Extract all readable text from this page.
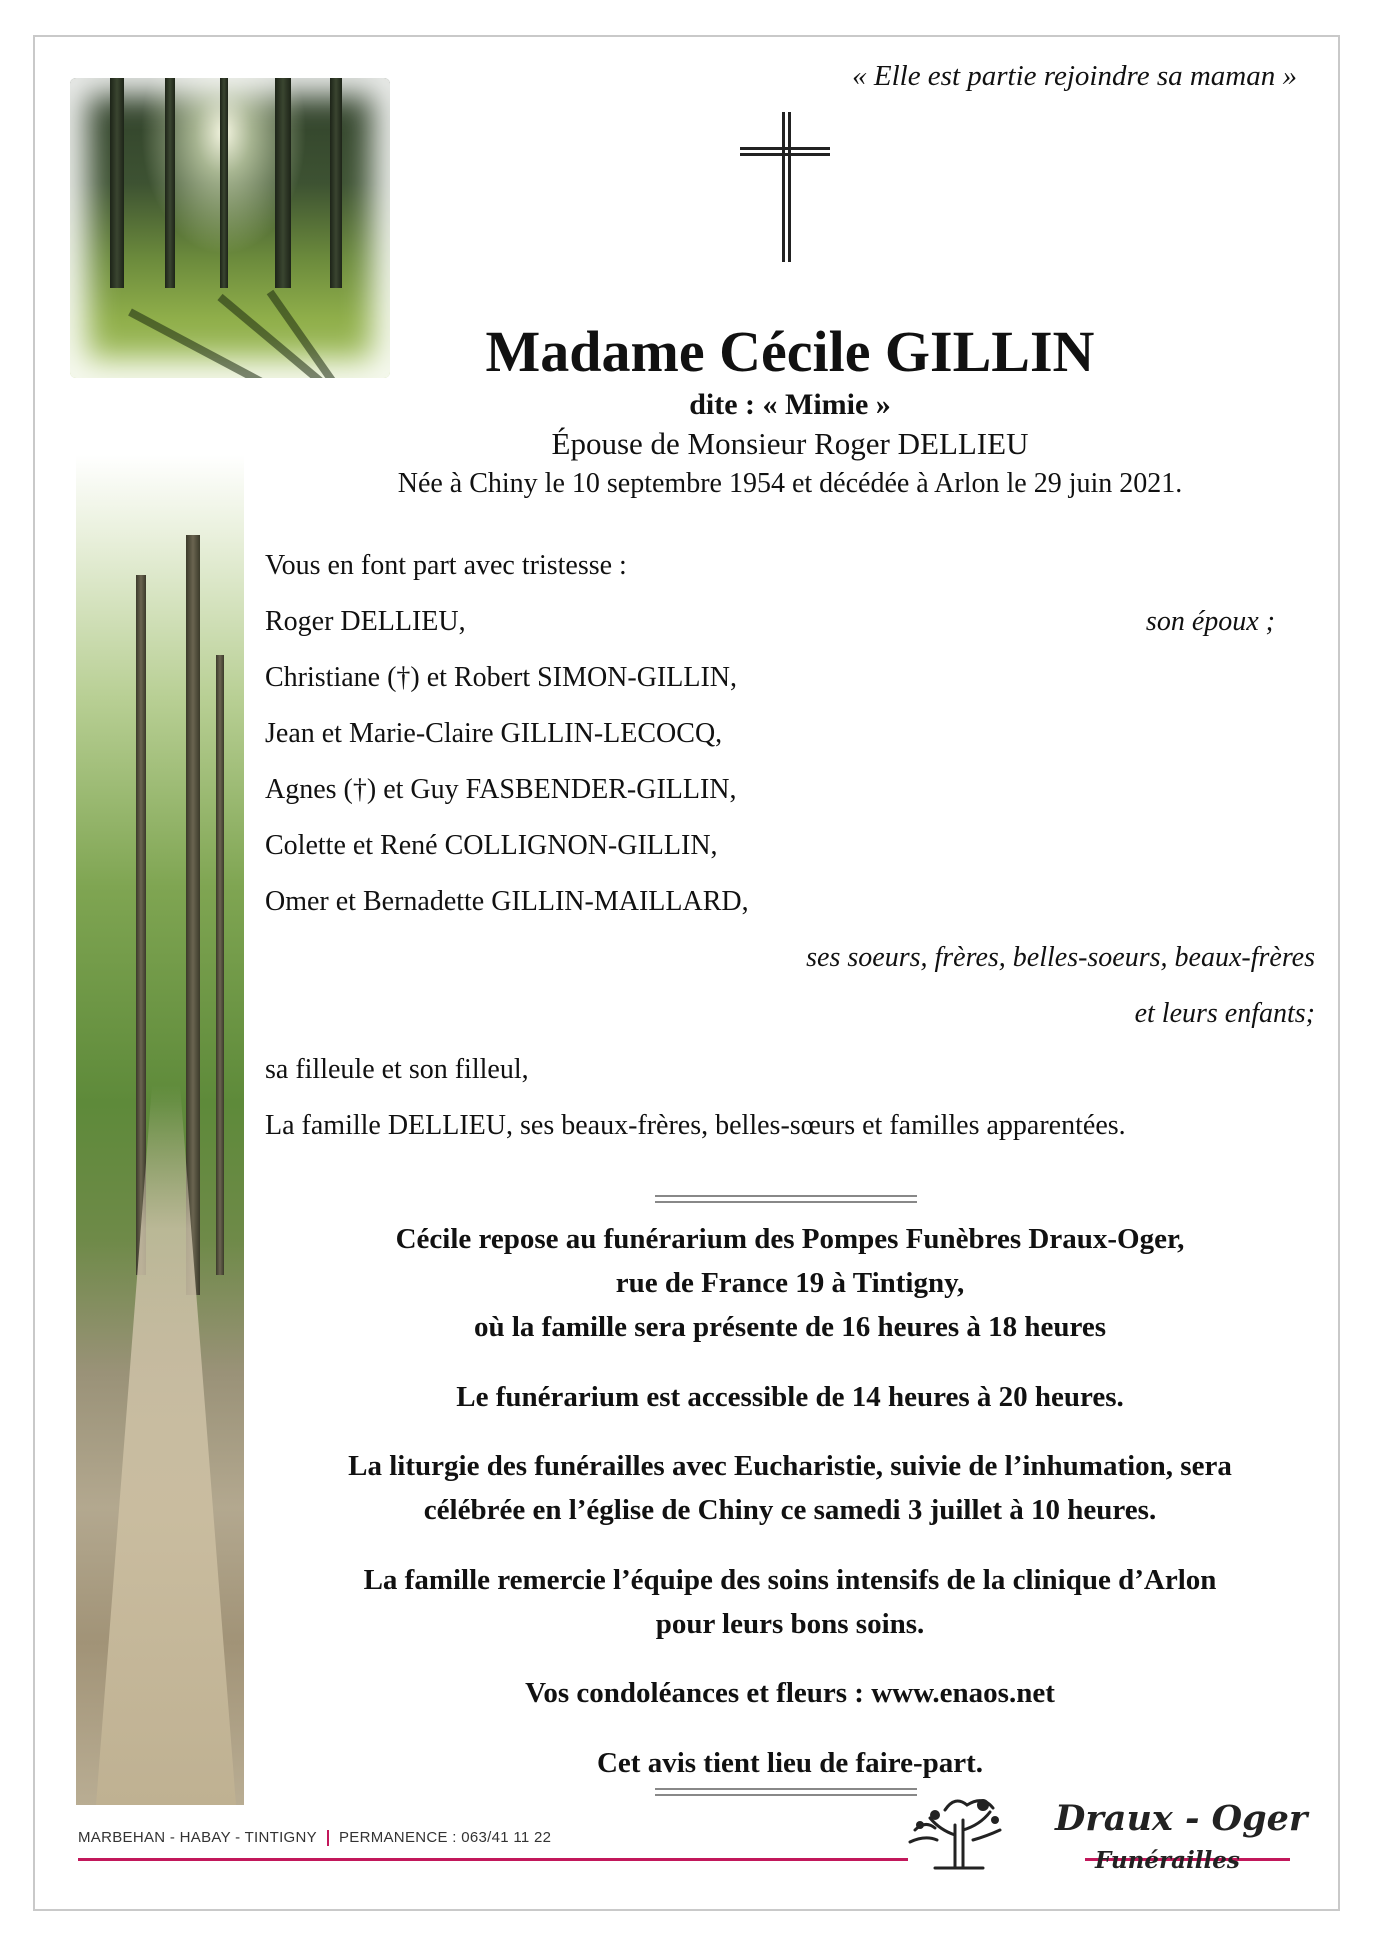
« Elle est partie rejoindre sa maman »
Madame Cécile GILLIN
dite : « Mimie »
Épouse de Monsieur Roger DELLIEU
Née à Chiny le 10 septembre 1954 et décédée à Arlon le 29 juin 2021.
Vous en font part avec tristesse :
Roger DELLIEU,	son époux ;
Christiane (†) et Robert SIMON-GILLIN,
Jean et Marie-Claire GILLIN-LECOCQ,
Agnes (†) et Guy FASBENDER-GILLIN,
Colette et René COLLIGNON-GILLIN,
Omer et Bernadette GILLIN-MAILLARD,
ses soeurs, frères, belles-soeurs, beaux-frères
et leurs enfants;
sa filleule et son filleul,
La famille DELLIEU, ses beaux-frères, belles-sœurs et familles apparentées.
Cécile repose au funérarium des Pompes Funèbres Draux-Oger,
rue de France 19 à Tintigny,
où la famille sera présente de 16 heures à 18 heures
Le funérarium est accessible de 14 heures à 20 heures.
La liturgie des funérailles avec Eucharistie, suivie de l’inhumation, sera
célébrée en l’église de Chiny ce samedi 3 juillet à 10 heures.
La famille remercie l’équipe des soins intensifs de la clinique d’Arlon
pour leurs bons soins.
Vos condoléances et fleurs : www.enaos.net
Cet avis tient lieu de faire-part.
MARBEHAN - HABAY - TINTIGNY PERMANENCE : 063/41 11 22	Draux - Oger
Funérailles
